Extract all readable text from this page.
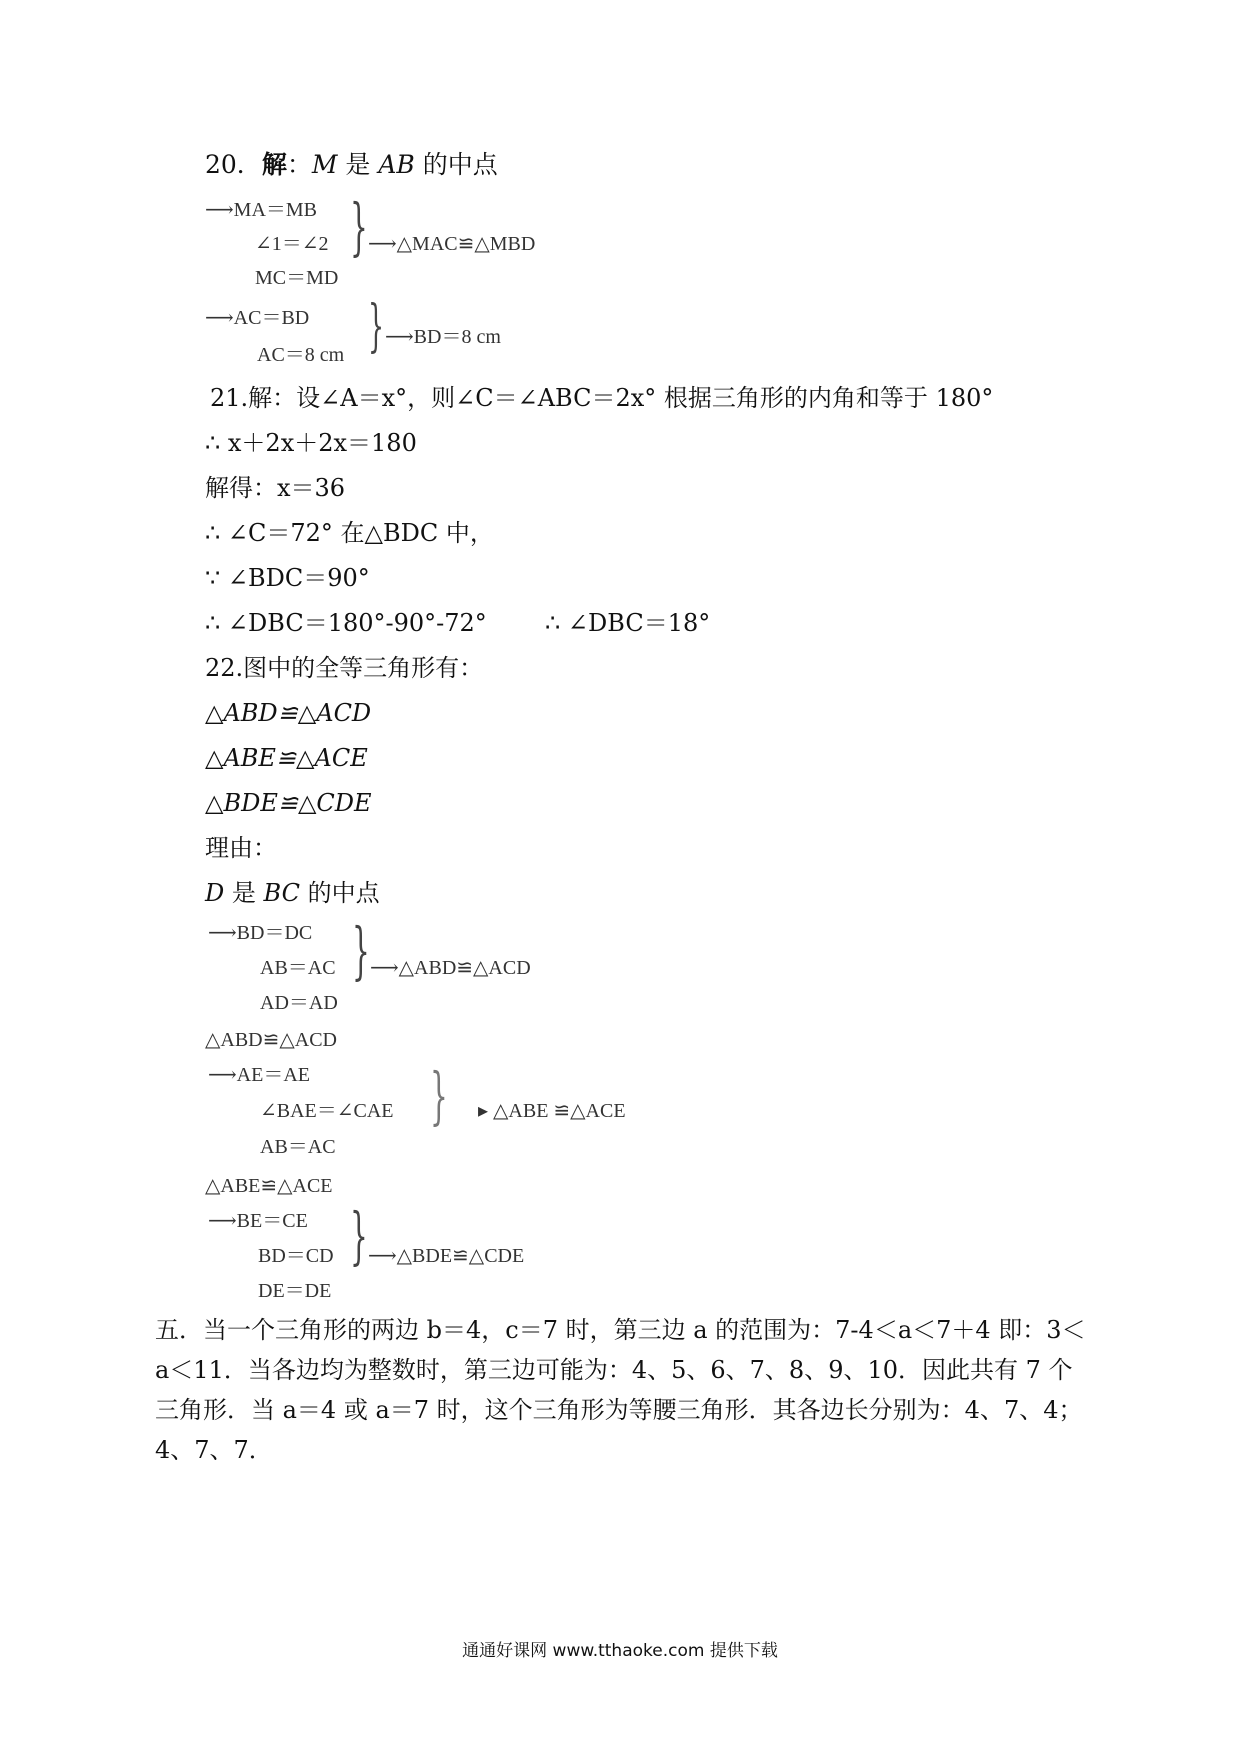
20．解：M 是 AB 的中点
⟶MA＝MB
∠1＝∠2
MC＝MD
} ⟶△MAC≌△MBD
⟶AC＝BD
AC＝8 cm } ⟶BD＝8 cm
21.解：设∠A＝x°，则∠C＝∠ABC＝2x° 根据三角形的内角和等于 180°
∴ x＋2x＋2x＝180
解得：x＝36
∴ ∠C＝72° 在△BDC 中，
∵ ∠BDC＝90°
∴ ∠DBC＝180°-90°-72° ∴ ∠DBC＝18°
22.图中的全等三角形有：
△ABD≌△ACD
△ABE≌△ACE
△BDE≌△CDE
理由：
D 是 BC 的中点
⟶BD＝DC
AB＝AC
AD＝AD
} ⟶△ABD≌△ACD
△ABD≌△ACD
⟶AE＝AE
∠BAE＝∠CAE
AB＝AC
} ▸ △ABE ≌△ACE
△ABE≌△ACE
⟶BE＝CE
BD＝CD
DE＝DE
} ⟶△BDE≌△CDE
五．当一个三角形的两边 b＝4，c＝7 时，第三边 a 的范围为：7-4＜a＜7＋4 即：3＜a＜11．当各边均为整数时，第三边可能为：4、5、6、7、8、9、10．因此共有 7 个三角形．当 a＝4 或 a＝7 时，这个三角形为等腰三角形．其各边长分别为：4、7、4；4、7、7．
通通好课网 www.tthaoke.com 提供下载
